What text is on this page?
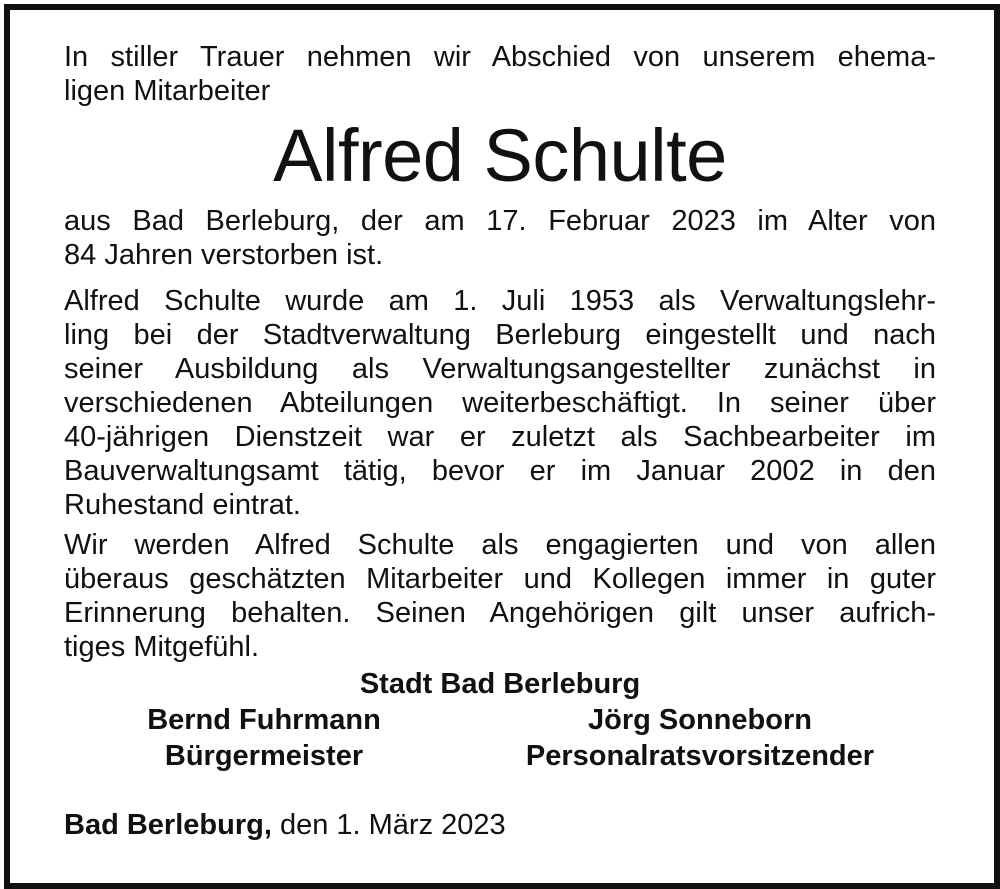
In stiller Trauer nehmen wir Abschied von unserem ehema-
ligen Mitarbeiter

Alfred Schulte

aus Bad Berleburg, der am 17. Februar 2023 im Alter von
84 Jahren verstorben ist.

Alfred Schulte wurde am 1. Juli 1953 als Verwaltungslehr-
ling bei der Stadtverwaltung Berleburg eingestellt und nach
seiner Ausbildung als Verwaltungsangestellter zunächst in
verschiedenen Abteilungen weiterbeschäftigt. In seiner über
40-jährigen Dienstzeit war er zuletzt als Sachbearbeiter im
Bauverwaltungsamt tätig, bevor er im Januar 2002 in den
Ruhestand eintrat.

Wir werden Alfred Schulte als engagierten und von allen
überaus geschätzten Mitarbeiter und Kollegen immer in guter
Erinnerung behalten. Seinen Angehörigen gilt unser aufrich-
tiges Mitgefühl.

Stadt Bad Berleburg
Bernd Fuhrmann
Bürgermeister
Jörg Sonneborn
Personalratsvorsitzender
Bad Berleburg, den 1. März 2023
